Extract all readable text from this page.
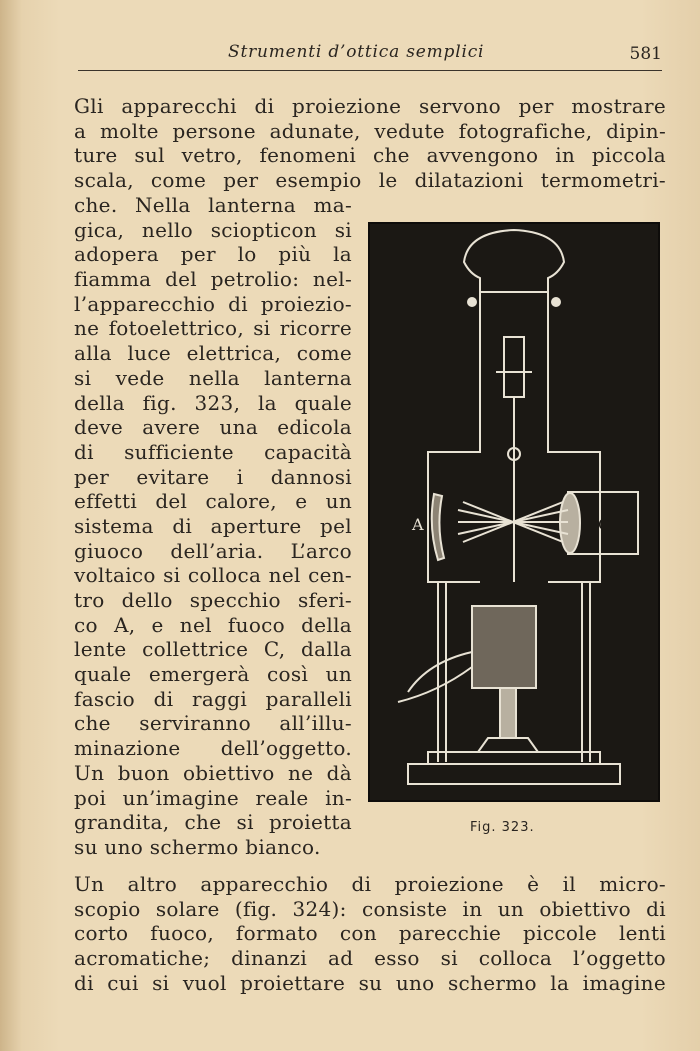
Strumenti d’ottica semplici	581
Gli apparecchi di proiezione servono per mostrare
a molte persone adunate, vedute fotografiche, dipin-
ture sul vetro, fenomeni che avvengono in piccola
scala, come per esempio le dilatazioni termometri-
che. Nella lanterna ma-
gica, nello sciopticon si
adopera per lo più la
fiamma del petrolio: nel-
l’apparecchio di proiezio-
ne fotoelettrico, si ricorre
alla luce elettrica, come
si vede nella lanterna
della fig. 323, la quale
deve avere una edicola
di sufficiente capacità
per evitare i dannosi
effetti del calore, e un
sistema di aperture pel
giuoco dell’aria. L’arco
voltaico si colloca nel cen-
tro dello specchio sferi-
co A, e nel fuoco della
lente collettrice C, dalla
quale emergerà così un
fascio di raggi paralleli
che serviranno all’illu-
minazione dell’oggetto.
Un buon obiettivo ne dà
poi un’imagine reale in-
grandita, che si proietta
su uno schermo bianco.
A	C
Fig. 323.
Un altro apparecchio di proiezione è il micro-
scopio solare (fig. 324): consiste in un obiettivo di
corto fuoco, formato con parecchie piccole lenti
acromatiche; dinanzi ad esso si colloca l’oggetto
di cui si vuol proiettare su uno schermo la imagine
